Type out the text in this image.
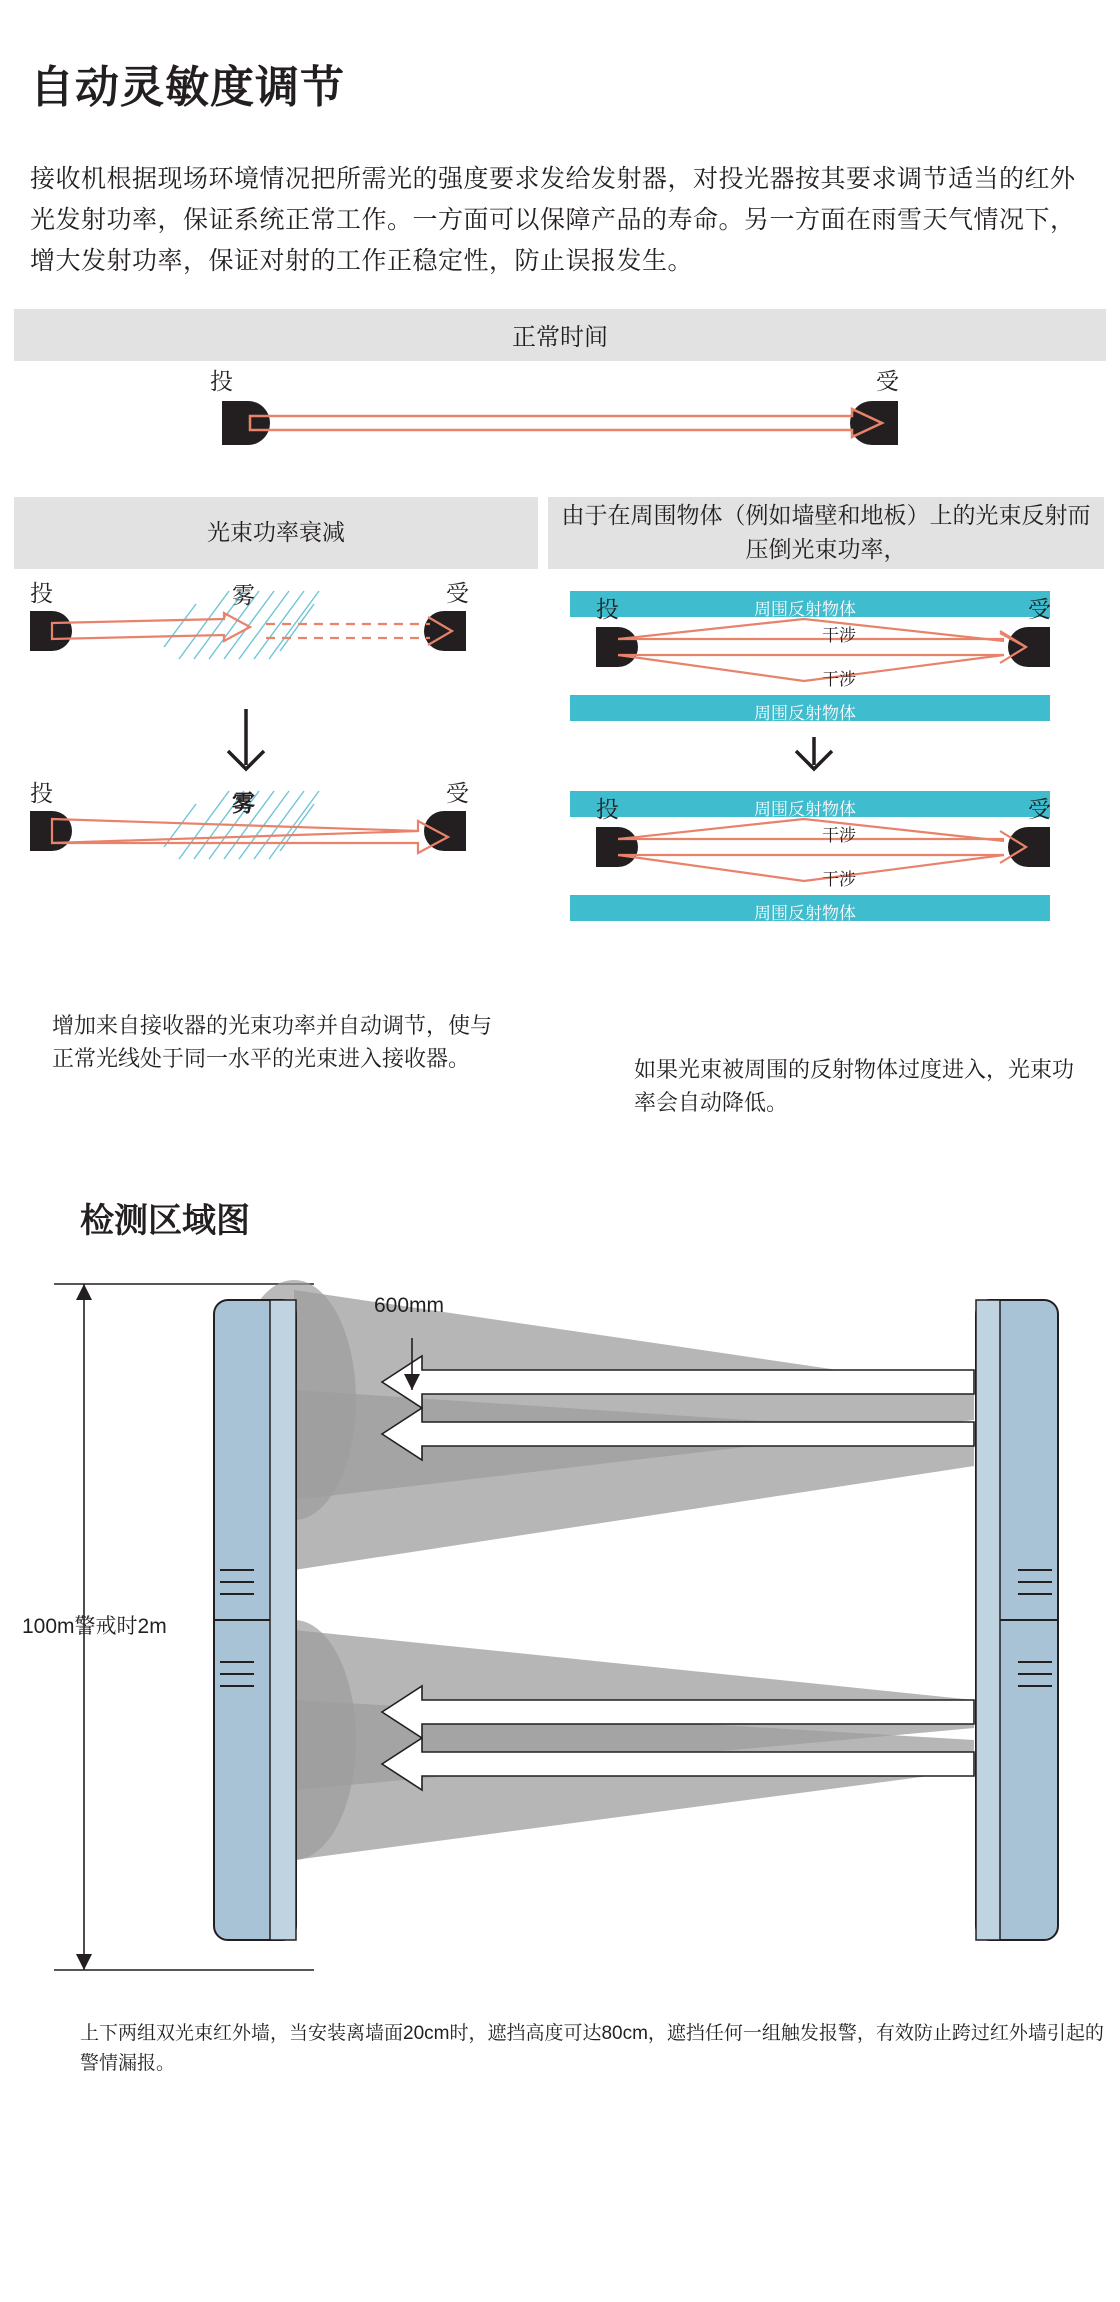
自动灵敏度调节

接收机根据现场环境情况把所需光的强度要求发给发射器，对投光器按其要求调节适当的红外光发射功率，保证系统正常工作。一方面可以保障产品的寿命。另一方面在雨雪天气情况下，增大发射功率，保证对射的工作正稳定性，防止误报发生。

正常时间
投	受
光束功率衰减
由于在周围物体（例如墙壁和地板）上的光束反射而压倒光束功率，
投	受
雾
投	受
雾
投	受
周围反射物体
周围反射物体
干涉
干涉
投	受
周围反射物体
周围反射物体
干涉
干涉

增加来自接收器的光束功率并自动调节，使与正常光线处于同一水平的光束进入接收器。	如果光束被周围的反射物体过度进入，光束功率会自动降低。

检测区域图
600mm
100m警戒时2m

上下两组双光束红外墙，当安装离墙面20cm时，遮挡高度可达80cm，遮挡任何一组触发报警，有效防止跨过红外墙引起的警情漏报。
